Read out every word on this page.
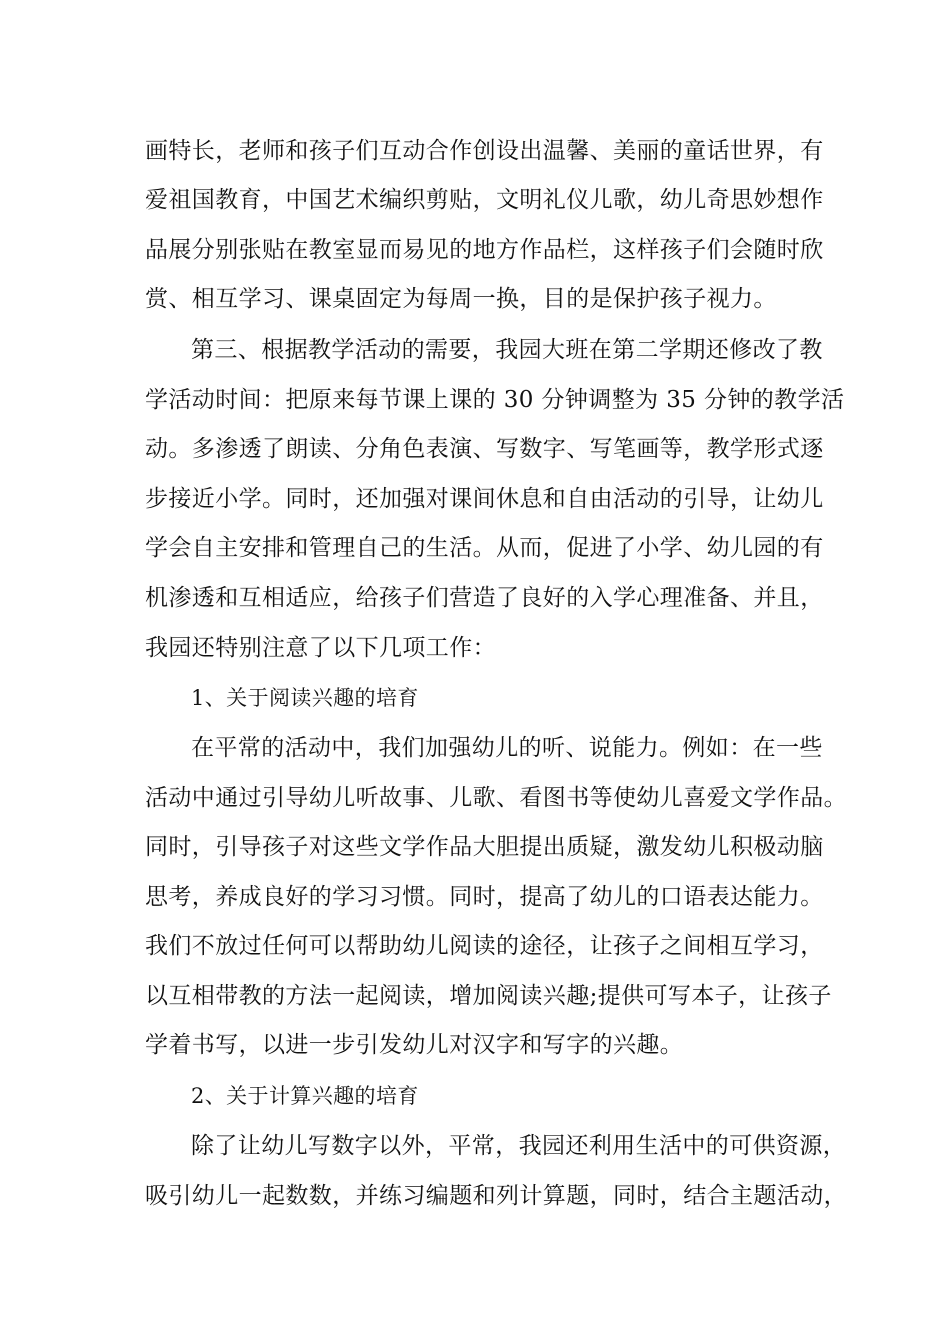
画特长，老师和孩子们互动合作创设出温馨、美丽的童话世界，有
爱祖国教育，中国艺术编织剪贴，文明礼仪儿歌，幼儿奇思妙想作
品展分别张贴在教室显而易见的地方作品栏，这样孩子们会随时欣
赏、相互学习、课桌固定为每周一换，目的是保护孩子视力。
第三、根据教学活动的需要，我园大班在第二学期还修改了教
学活动时间：把原来每节课上课的 30 分钟调整为 35 分钟的教学活
动。多渗透了朗读、分角色表演、写数字、写笔画等，教学形式逐
步接近小学。同时，还加强对课间休息和自由活动的引导，让幼儿
学会自主安排和管理自己的生活。从而，促进了小学、幼儿园的有
机渗透和互相适应，给孩子们营造了良好的入学心理准备、并且，
我园还特别注意了以下几项工作：
1、关于阅读兴趣的培育
在平常的活动中，我们加强幼儿的听、说能力。例如：在一些
活动中通过引导幼儿听故事、儿歌、看图书等使幼儿喜爱文学作品。
同时，引导孩子对这些文学作品大胆提出质疑，激发幼儿积极动脑
思考，养成良好的学习习惯。同时，提高了幼儿的口语表达能力。
我们不放过任何可以帮助幼儿阅读的途径，让孩子之间相互学习，
以互相带教的方法一起阅读，增加阅读兴趣;提供可写本子，让孩子
学着书写，以进一步引发幼儿对汉字和写字的兴趣。
2、关于计算兴趣的培育
除了让幼儿写数字以外，平常，我园还利用生活中的可供资源，
吸引幼儿一起数数，并练习编题和列计算题，同时，结合主题活动，
